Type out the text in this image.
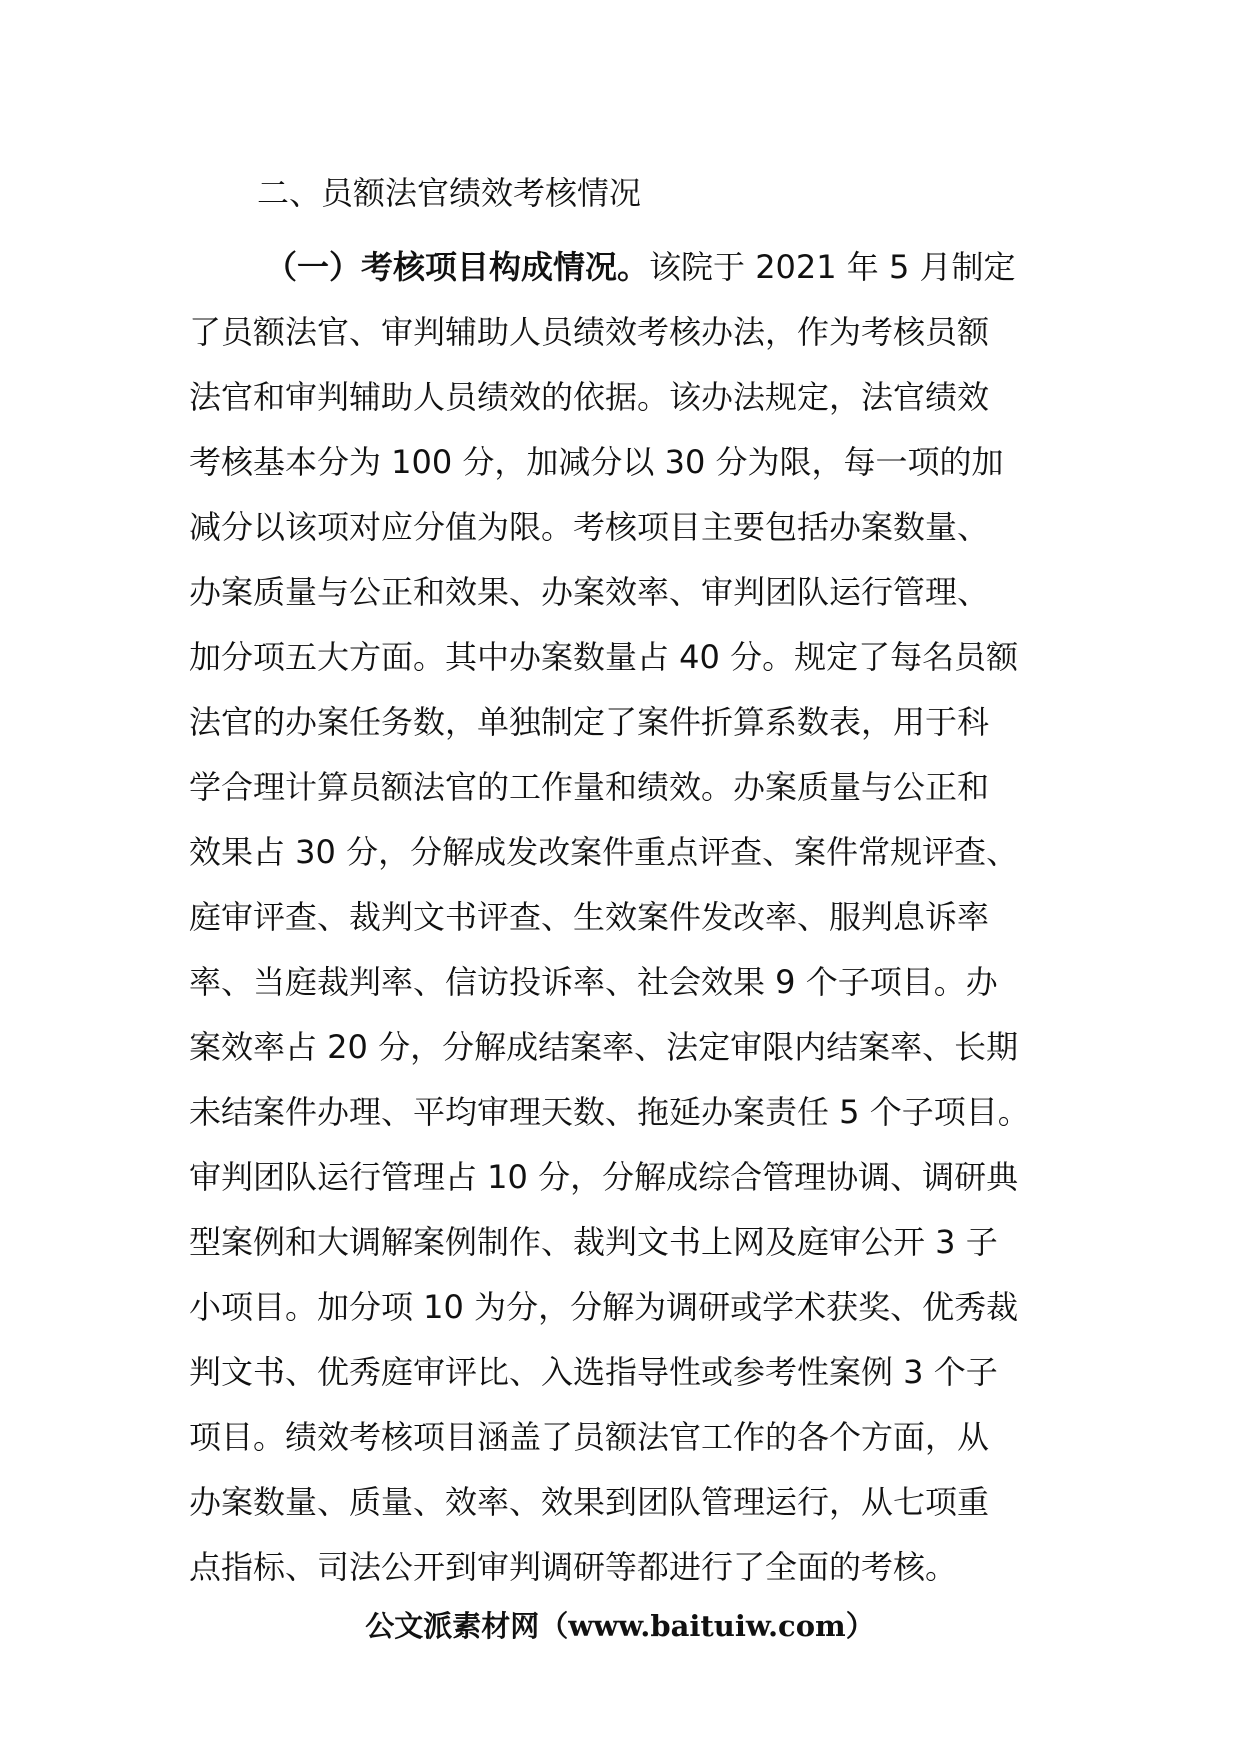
二、员额法官绩效考核情况
（一）考核项目构成情况。该院于 2021 年 5 月制定
了员额法官、审判辅助人员绩效考核办法，作为考核员额
法官和审判辅助人员绩效的依据。该办法规定，法官绩效
考核基本分为 100 分，加减分以 30 分为限，每一项的加
减分以该项对应分值为限。考核项目主要包括办案数量、
办案质量与公正和效果、办案效率、审判团队运行管理、
加分项五大方面。其中办案数量占 40 分。规定了每名员额
法官的办案任务数，单独制定了案件折算系数表，用于科
学合理计算员额法官的工作量和绩效。办案质量与公正和
效果占 30 分，分解成发改案件重点评查、案件常规评查、
庭审评查、裁判文书评查、生效案件发改率、服判息诉率
率、当庭裁判率、信访投诉率、社会效果 9 个子项目。办
案效率占 20 分，分解成结案率、法定审限内结案率、长期
未结案件办理、平均审理天数、拖延办案责任 5 个子项目。
审判团队运行管理占 10 分，分解成综合管理协调、调研典
型案例和大调解案例制作、裁判文书上网及庭审公开 3 子
小项目。加分项 10 为分，分解为调研或学术获奖、优秀裁
判文书、优秀庭审评比、入选指导性或参考性案例 3 个子
项目。绩效考核项目涵盖了员额法官工作的各个方面，从
办案数量、质量、效率、效果到团队管理运行，从七项重
点指标、司法公开到审判调研等都进行了全面的考核。
公文派素材网（www.baituiw.com）
